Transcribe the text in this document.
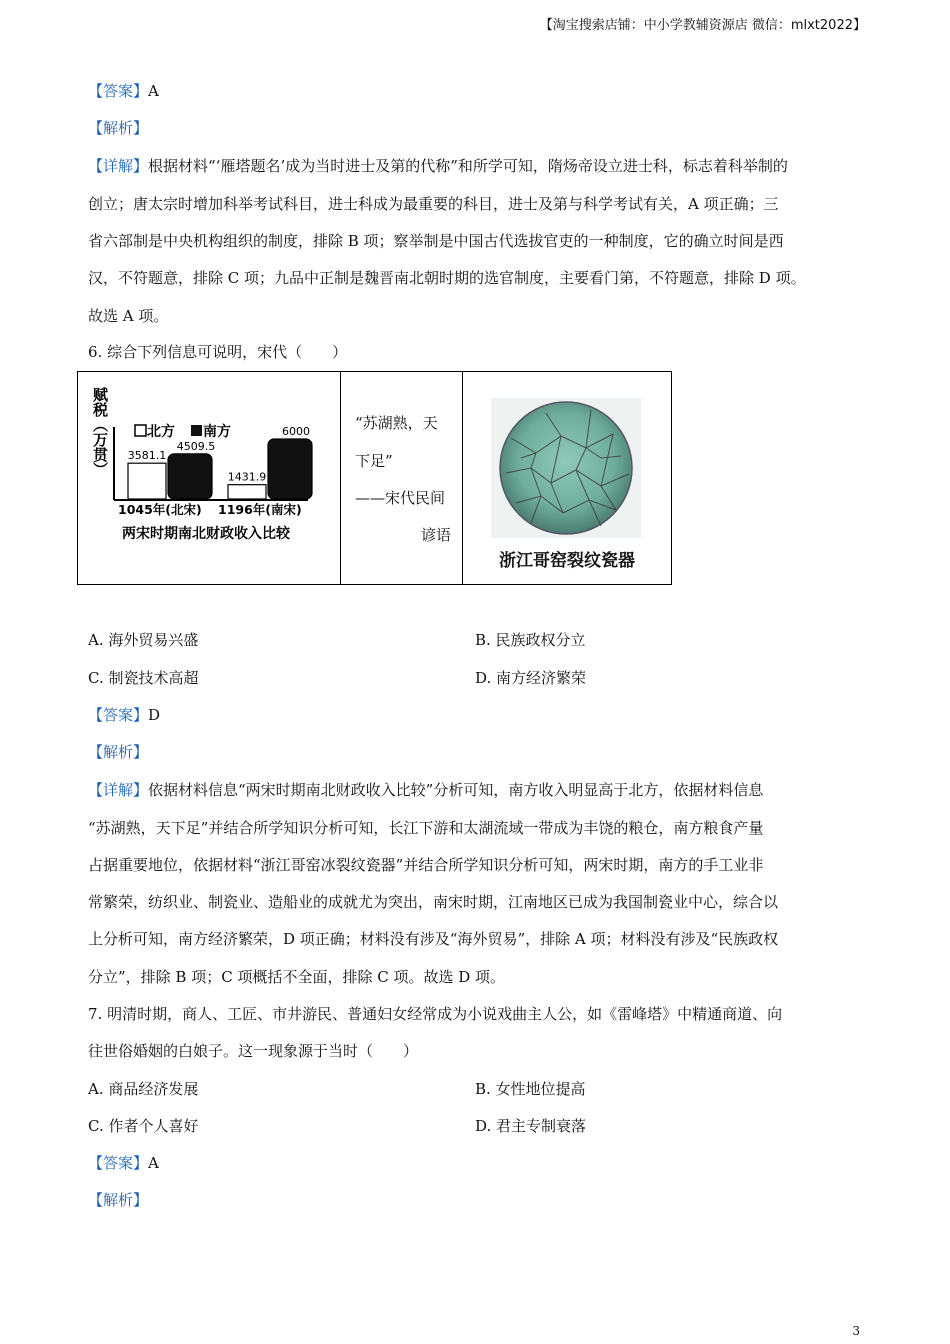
【淘宝搜索店铺：中小学教辅资源店 微信：mlxt2022】
【答案】A
【解析】
【详解】根据材料“‘雁塔题名’成为当时进士及第的代称”和所学可知，隋炀帝设立进士科，标志着科举制的
创立；唐太宗时增加科举考试科目，进士科成为最重要的科目，进士及第与科学考试有关，A 项正确；三
省六部制是中央机构组织的制度，排除 B 项；察举制是中国古代选拔官吏的一种制度，它的确立时间是西
汉，不符题意，排除 C 项；九品中正制是魏晋南北朝时期的选官制度，主要看门第，不符题意，排除 D 项。
故选 A 项。
6. 综合下列信息可说明，宋代（　　）
赋税（万贯）	北方 南方
3581.1
4509.5
1431.9
6000
1045年(北宋) 1196年(南宋)
两宋时期南北财政收入比较
“苏湖熟，天
下足”
——宋代民间
谚语
浙江哥窑裂纹瓷器
A. 海外贸易兴盛	B. 民族政权分立
C. 制瓷技术高超	D. 南方经济繁荣
【答案】D
【解析】
【详解】依据材料信息“两宋时期南北财政收入比较”分析可知，南方收入明显高于北方，依据材料信息
“苏湖熟，天下足”并结合所学知识分析可知，长江下游和太湖流域一带成为丰饶的粮仓，南方粮食产量
占据重要地位，依据材料“浙江哥窑冰裂纹瓷器”并结合所学知识分析可知，两宋时期，南方的手工业非
常繁荣，纺织业、制瓷业、造船业的成就尤为突出，南宋时期，江南地区已成为我国制瓷业中心，综合以
上分析可知，南方经济繁荣，D 项正确；材料没有涉及“海外贸易”，排除 A 项；材料没有涉及“民族政权
分立”，排除 B 项；C 项概括不全面，排除 C 项。故选 D 项。
7. 明清时期，商人、工匠、市井游民、普通妇女经常成为小说戏曲主人公，如《雷峰塔》中精通商道、向
往世俗婚姻的白娘子。这一现象源于当时（　　）
A. 商品经济发展	B. 女性地位提高
C. 作者个人喜好	D. 君主专制衰落
【答案】A
【解析】
3
